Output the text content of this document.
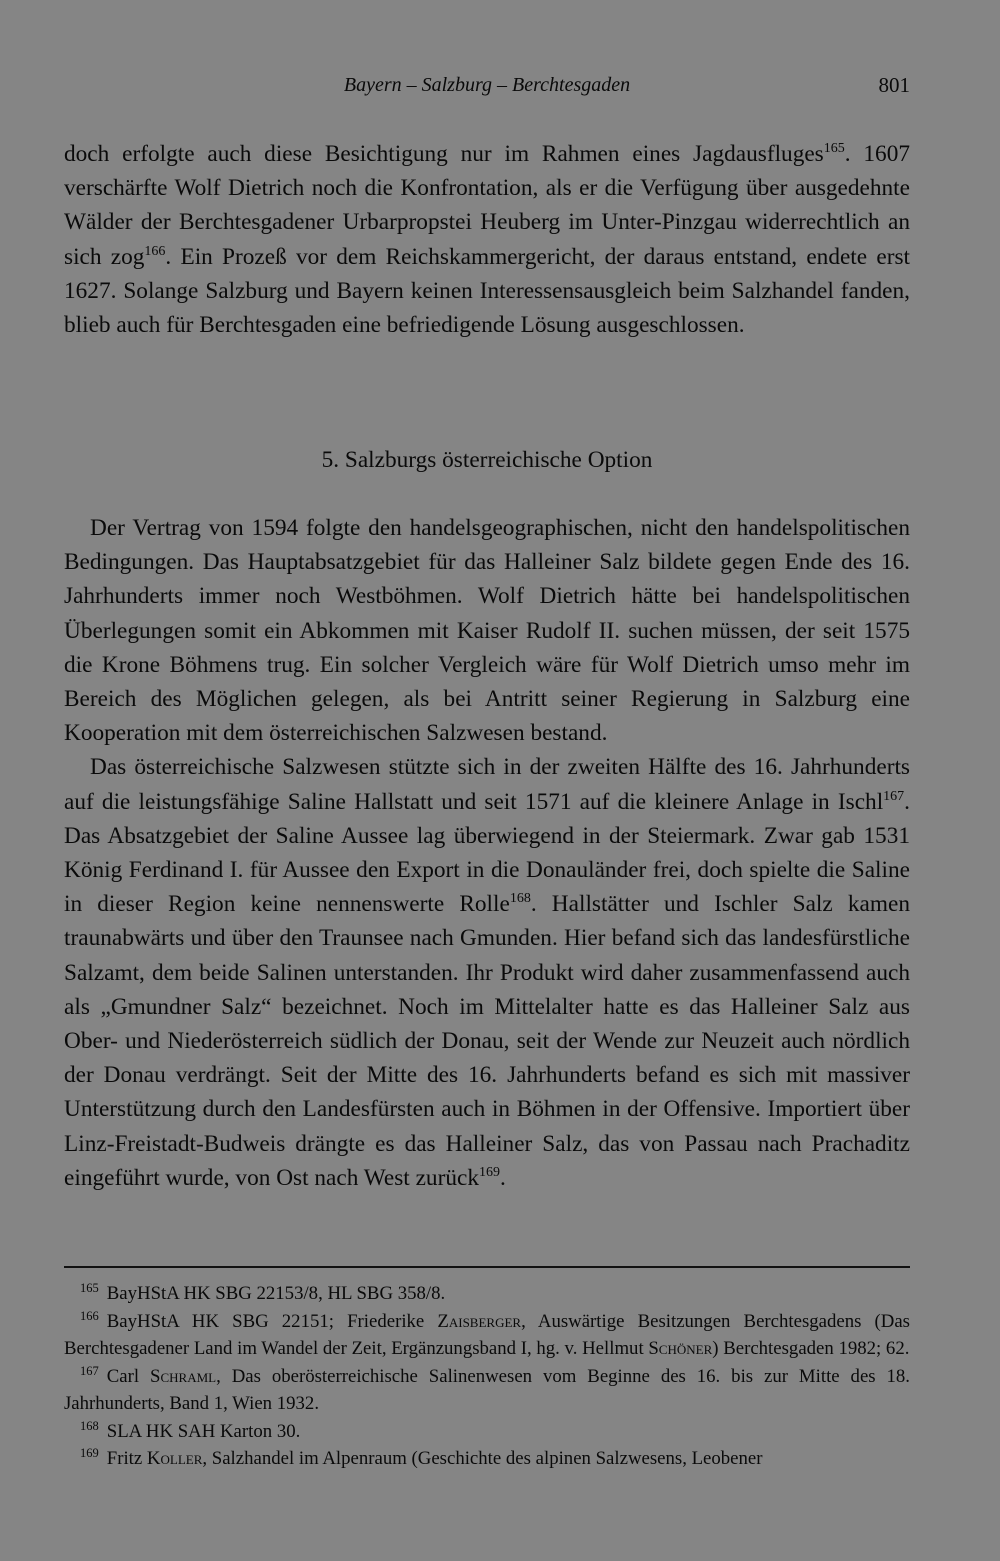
Bayern – Salzburg – Berchtesgaden	801

doch erfolgte auch diese Besichtigung nur im Rahmen eines Jagdausfluges$^{165}$. 1607 verschärfte Wolf Dietrich noch die Konfrontation, als er die Verfügung über ausgedehnte Wälder der Berchtesgadener Urbarpropstei Heuberg im Unter-Pinzgau widerrechtlich an sich zog$^{166}$. Ein Prozeß vor dem Reichskammergericht, der daraus entstand, endete erst 1627. Solange Salzburg und Bayern keinen Interessensausgleich beim Salzhandel fanden, blieb auch für Berchtesgaden eine befriedigende Lösung ausgeschlossen.

5. Salzburgs österreichische Option

Der Vertrag von 1594 folgte den handelsgeographischen, nicht den handelspolitischen Bedingungen. Das Hauptabsatzgebiet für das Halleiner Salz bildete gegen Ende des 16. Jahrhunderts immer noch Westböhmen. Wolf Dietrich hätte bei handelspolitischen Überlegungen somit ein Abkommen mit Kaiser Rudolf II. suchen müssen, der seit 1575 die Krone Böhmens trug. Ein solcher Vergleich wäre für Wolf Dietrich umso mehr im Bereich des Möglichen gelegen, als bei Antritt seiner Regierung in Salzburg eine Kooperation mit dem österreichischen Salzwesen bestand.

Das österreichische Salzwesen stützte sich in der zweiten Hälfte des 16. Jahrhunderts auf die leistungsfähige Saline Hallstatt und seit 1571 auf die kleinere Anlage in Ischl$^{167}$. Das Absatzgebiet der Saline Aussee lag überwiegend in der Steiermark. Zwar gab 1531 König Ferdinand I. für Aussee den Export in die Donauländer frei, doch spielte die Saline in dieser Region keine nennenswerte Rolle$^{168}$. Hallstätter und Ischler Salz kamen traunabwärts und über den Traunsee nach Gmunden. Hier befand sich das landesfürstliche Salzamt, dem beide Salinen unterstanden. Ihr Produkt wird daher zusammenfassend auch als „Gmundner Salz“ bezeichnet. Noch im Mittelalter hatte es das Halleiner Salz aus Ober- und Niederösterreich südlich der Donau, seit der Wende zur Neuzeit auch nördlich der Donau verdrängt. Seit der Mitte des 16. Jahrhunderts befand es sich mit massiver Unterstützung durch den Landesfürsten auch in Böhmen in der Offensive. Importiert über Linz-Freistadt-Budweis drängte es das Halleiner Salz, das von Passau nach Prachaditz eingeführt wurde, von Ost nach West zurück$^{169}$.

$^{165}$ BayHStA HK SBG 22153/8, HL SBG 358/8.

$^{166}$ BayHStA HK SBG 22151; Friederike Zaisberger, Auswärtige Besitzungen Berchtesgadens (Das Berchtesgadener Land im Wandel der Zeit, Ergänzungsband I, hg. v. Hellmut Schöner) Berchtesgaden 1982; 62.

$^{167}$ Carl Schraml, Das oberösterreichische Salinenwesen vom Beginne des 16. bis zur Mitte des 18. Jahrhunderts, Band 1, Wien 1932.

$^{168}$ SLA HK SAH Karton 30.

$^{169}$ Fritz Koller, Salzhandel im Alpenraum (Geschichte des alpinen Salzwesens, Leobener
